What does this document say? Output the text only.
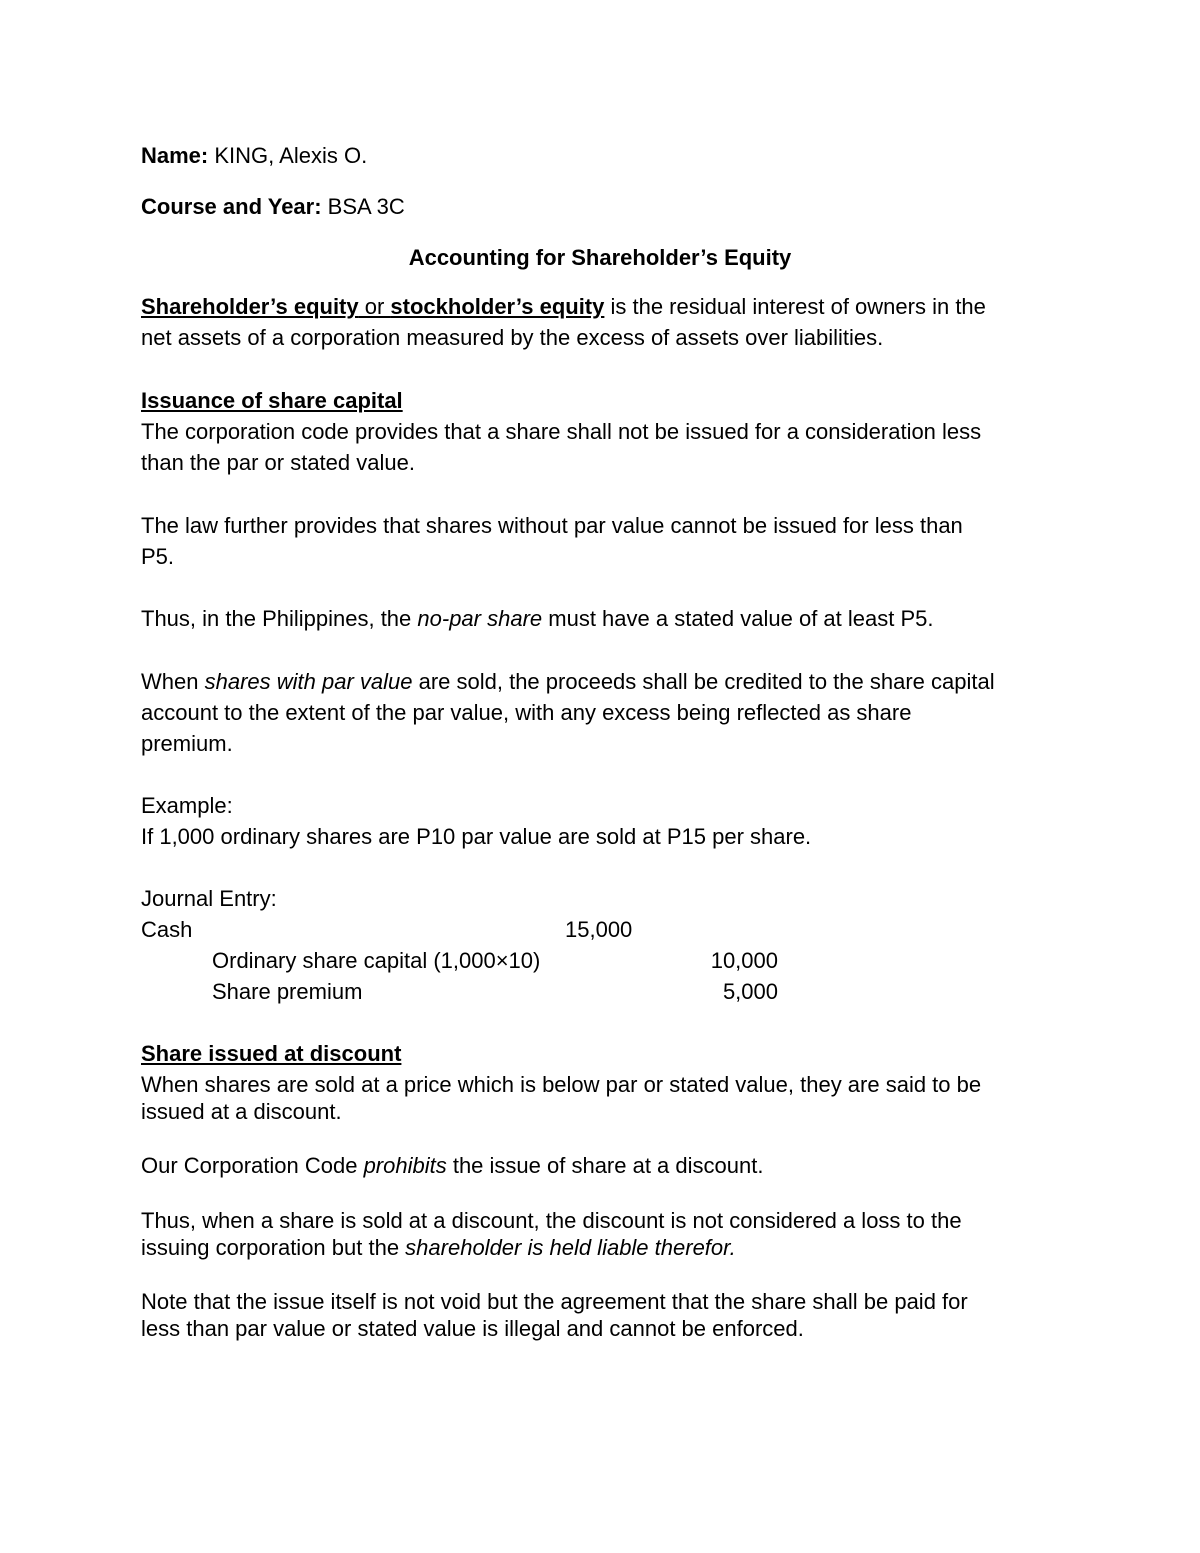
Name: KING, Alexis O.
Course and Year: BSA 3C
Accounting for Shareholder’s Equity
Shareholder’s equity or stockholder’s equity is the residual interest of owners in the
net assets of a corporation measured by the excess of assets over liabilities.
Issuance of share capital
The corporation code provides that a share shall not be issued for a consideration less
than the par or stated value.
The law further provides that shares without par value cannot be issued for less than
P5.
Thus, in the Philippines, the no-par share must have a stated value of at least P5.
When shares with par value are sold, the proceeds shall be credited to the share capital
account to the extent of the par value, with any excess being reflected as share
premium.
Example:
If 1,000 ordinary shares are P10 par value are sold at P15 per share.
Journal Entry:
Cash	15,000
Ordinary share capital (1,000×10)	10,000
Share premium	5,000
Share issued at discount
When shares are sold at a price which is below par or stated value, they are said to be
issued at a discount.
Our Corporation Code prohibits the issue of share at a discount.
Thus, when a share is sold at a discount, the discount is not considered a loss to the
issuing corporation but the shareholder is held liable therefor.
Note that the issue itself is not void but the agreement that the share shall be paid for
less than par value or stated value is illegal and cannot be enforced.
